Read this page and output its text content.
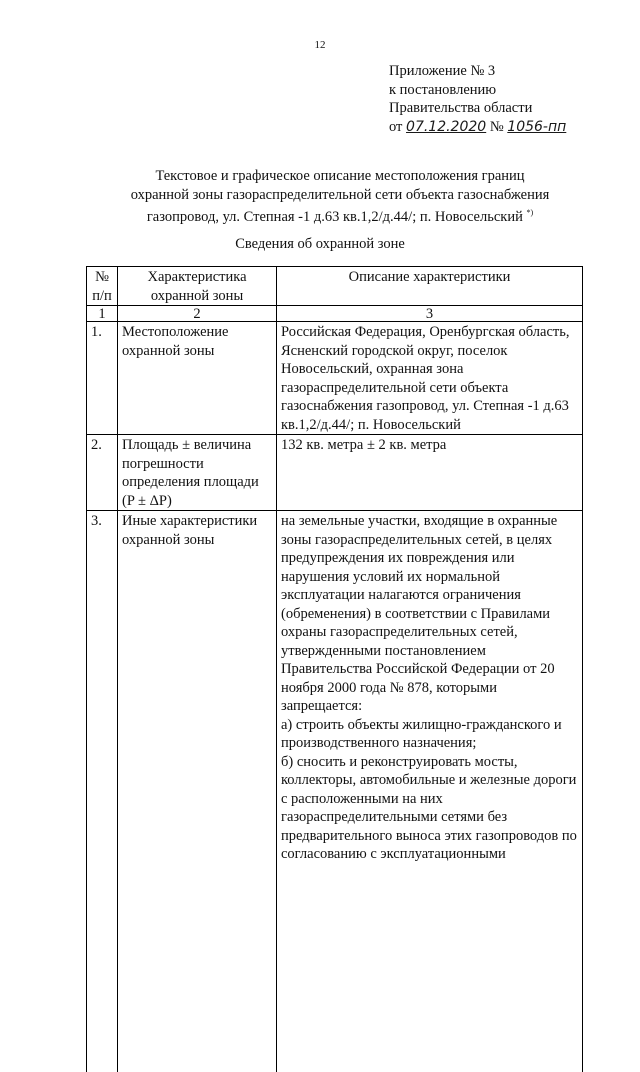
12
Приложение № 3
к постановлению
Правительства области
от 07.12.2020 № 1056-пп
Текстовое и графическое описание местоположения границ
охранной зоны газораспределительной сети объекта газоснабжения
газопровод, ул. Степная -1 д.63 кв.1,2/д.44/; п. Новосельский *)
Сведения об охранной зоне
№ п/п	Характеристика охранной зоны	Описание характеристики
1	2	3
1.	Местоположение охранной зоны	Российская Федерация, Оренбургская область, Ясненский городской округ, поселок Новосельский, охранная зона газораспределительной сети объекта газоснабжения газопровод, ул. Степная -1 д.63 кв.1,2/д.44/; п. Новосельский
2.	Площадь ± величина погрешности определения площади (P ± ΔP)	132 кв. метра ± 2 кв. метра
3.	Иные характеристики охранной зоны	на земельные участки, входящие в охранные зоны газораспределительных сетей, в целях предупреждения их повреждения или нарушения условий их нормальной эксплуатации налагаются ограничения (обременения) в соответствии с Правилами охраны газораспределительных сетей, утвержденными постановлением Правительства Российской Федерации от 20 ноября 2000 года № 878, которыми запрещается:
а) строить объекты жилищно-гражданского и производственного назначения;
б) сносить и реконструировать мосты, коллекторы, автомобильные и железные дороги с расположенными на них газораспределительными сетями без предварительного выноса этих газопроводов по согласованию с эксплуатационными
